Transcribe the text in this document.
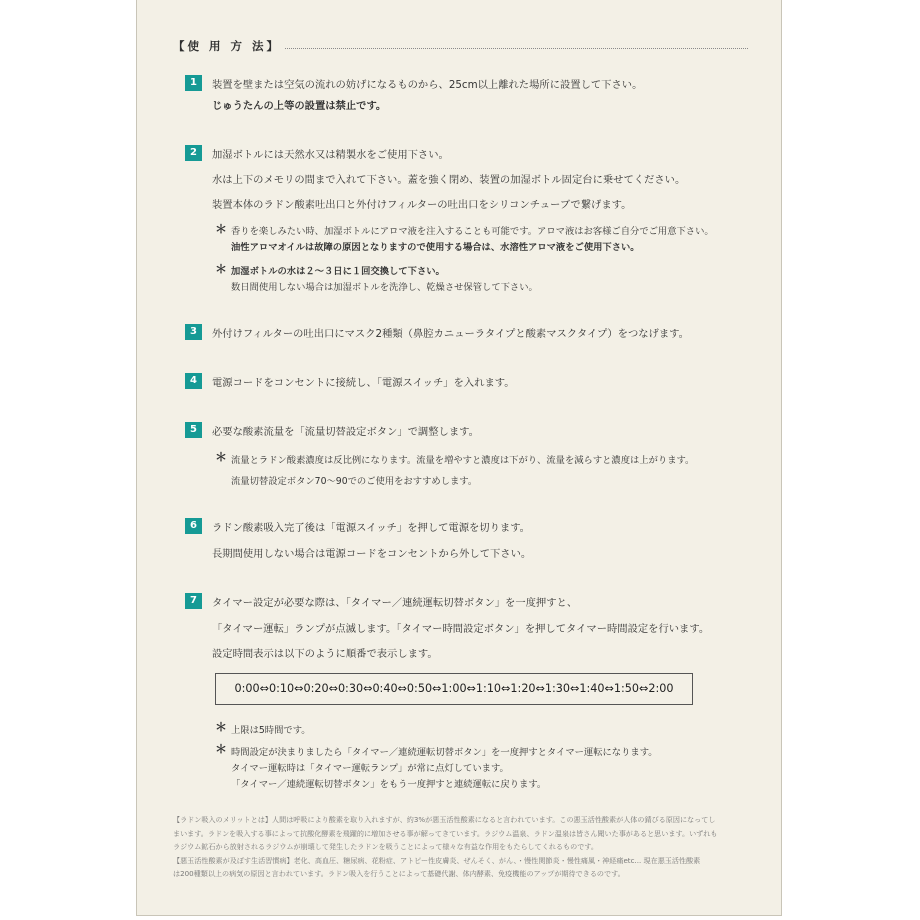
【使 用 方 法】
1	装置を壁または空気の流れの妨げになるものから、25cm以上離れた場所に設置して下さい。
じゅうたんの上等の設置は禁止です。
2	加湿ボトルには天然水又は精製水をご使用下さい。
水は上下のメモリの間まで入れて下さい。蓋を強く閉め、装置の加湿ボトル固定台に乗せてください。
装置本体のラドン酸素吐出口と外付けフィルターの吐出口をシリコンチューブで繋げます。
＊ 香りを楽しみたい時、加湿ボトルにアロマ液を注入することも可能です。アロマ液はお客様ご自分でご用意下さい。
油性アロマオイルは故障の原因となりますので使用する場合は、水溶性アロマ液をご使用下さい。
＊ 加湿ボトルの水は２～３日に１回交換して下さい。
数日間使用しない場合は加湿ボトルを洗浄し、乾燥させ保管して下さい。
3	外付けフィルターの吐出口にマスク2種類（鼻腔カニューラタイプと酸素マスクタイプ）をつなげます。
4	電源コードをコンセントに接続し、「電源スイッチ」を入れます。
5	必要な酸素流量を「流量切替設定ボタン」で調整します。
＊ 流量とラドン酸素濃度は反比例になります。流量を増やすと濃度は下がり、流量を減らすと濃度は上がります。
流量切替設定ボタン70～90でのご使用をおすすめします。
6	ラドン酸素吸入完了後は「電源スイッチ」を押して電源を切ります。
長期間使用しない場合は電源コードをコンセントから外して下さい。
7	タイマー設定が必要な際は、「タイマー／連続運転切替ボタン」を一度押すと、
「タイマー運転」ランプが点滅します。「タイマー時間設定ボタン」を押してタイマー時間設定を行います。
設定時間表示は以下のように順番で表示します。
＊ 上限は5時間です。
＊ 時間設定が決まりましたら「タイマー／連続運転切替ボタン」を一度押すとタイマー運転になります。
タイマー運転時は「タイマー運転ランプ」が常に点灯しています。
「タイマー／連続運転切替ボタン」をもう一度押すと連続運転に戻ります。
0:00⇔0:10⇔0:20⇔0:30⇔0:40⇔0:50⇔1:00⇔1:10⇔1:20⇔1:30⇔1:40⇔1:50⇔2:00

【ラドン吸入のメリットとは】人間は呼吸により酸素を取り入れますが、約3%が悪玉活性酸素になると言われています。この悪玉活性酸素が人体の錆びる原因になってし

まいます。ラドンを吸入する事によって抗酸化酵素を飛躍的に増加させる事が解ってきています。ラジウム温泉、ラドン温泉は皆さん聞いた事があると思います。いずれも

ラジウム鉱石から放射されるラジウムが崩壊して発生したラドンを吸うことによって様々な有益な作用をもたらしてくれるものです。

【悪玉活性酸素が及ぼす生活習慣病】老化、高血圧、糖尿病、花粉症、アトピー性皮膚炎、ぜんそく、がん、・慢性関節炎・慢性痛風・神経痛etc... 現在悪玉活性酸素

は200種類以上の病気の原因と言われています。ラドン吸入を行うことによって基礎代謝、体内酵素、免疫機能のアップが期待できるのです。
